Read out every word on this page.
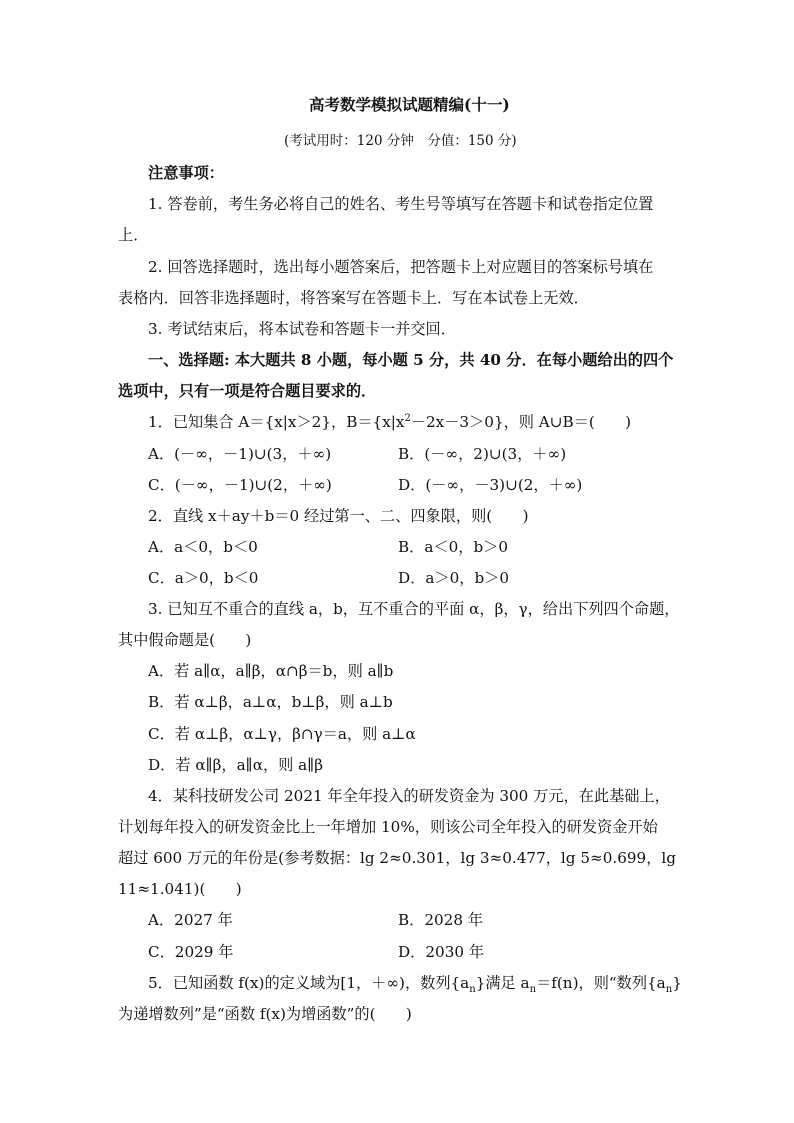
高考数学模拟试题精编(十一)
(考试用时：120 分钟　分值：150 分)
注意事项：
1. 答卷前，考生务必将自己的姓名、考生号等填写在答题卡和试卷指定位置
上．
2. 回答选择题时，选出每小题答案后，把答题卡上对应题目的答案标号填在
表格内．回答非选择题时，将答案写在答题卡上．写在本试卷上无效．
3. 考试结束后，将本试卷和答题卡一并交回．
一、选择题: 本大题共 8 小题，每小题 5 分，共 40 分．在每小题给出的四个
选项中，只有一项是符合题目要求的．
1．已知集合 A＝{x|x＞2}，$B=\{x|x^2-2x-3>0\}$，则 A∪B＝(　　)
A．(－∞，－1)∪(3，＋∞)	B．(－∞，2)∪(3，＋∞)
C．(－∞，－1)∪(2，＋∞)	D．(－∞，－3)∪(2，＋∞)
2．直线 x＋ay＋b＝0 经过第一、二、四象限，则(　　)
A．a＜0，b＜0	B．a＜0，b＞0
C．a＞0，b＜0	D．a＞0，b＞0
3. 已知互不重合的直线 a，b，互不重合的平面 α，β，γ，给出下列四个命题，
其中假命题是(　　)
A．若 a∥α，a∥β，α∩β＝b，则 a∥b
B．若 α⊥β，a⊥α，b⊥β，则 a⊥b
C．若 α⊥β，α⊥γ，β∩γ＝a，则 a⊥α
D．若 α∥β，a∥α，则 a∥β
4．某科技研发公司 2021 年全年投入的研发资金为 300 万元，在此基础上，
计划每年投入的研发资金比上一年增加 10%，则该公司全年投入的研发资金开始
超过 600 万元的年份是(参考数据：lg 2≈0.301，lg 3≈0.477，lg 5≈0.699，lg
11≈1.041)(　　)
A．2027 年	B．2028 年
C．2029 年	D．2030 年
5．已知函数 f(x)的定义域为[1，＋∞)，数列$\{a_n\}$满足 $a_n=f(n)$，则“数列$\{a_n\}$
为递增数列”是“函数 f(x)为增函数”的(　　)
